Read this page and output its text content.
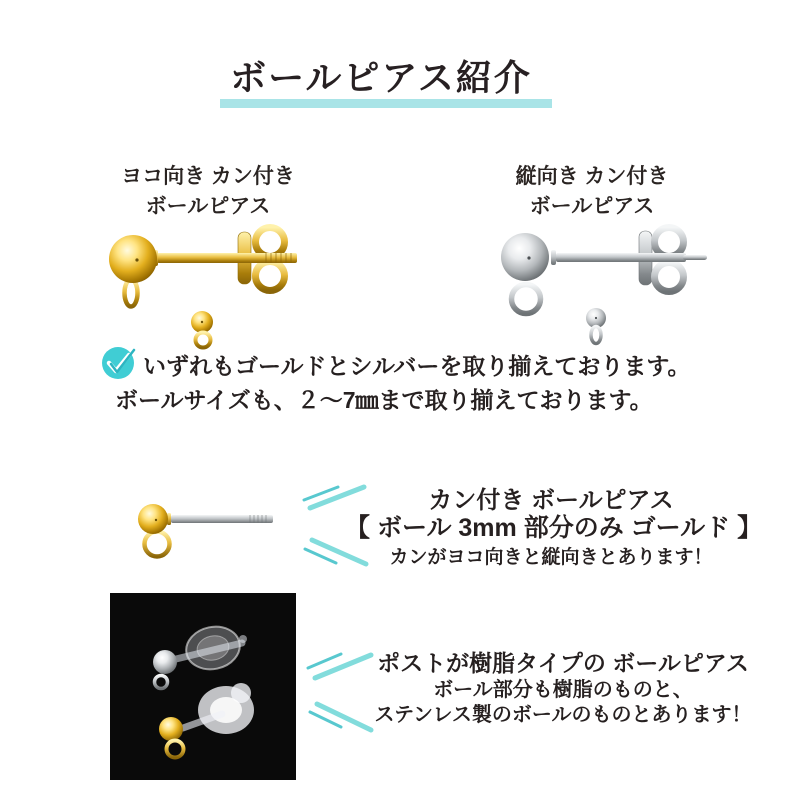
ボールピアス紹介
ヨコ向き カン付き
ボールピアス
縦向き カン付き
ボールピアス
いずれもゴールドとシルバーを取り揃えております。
ボールサイズも、２～7㎜まで取り揃えております。
カン付き ボールピアス
【 ボール 3mm 部分のみ ゴールド 】
カンがヨコ向きと縦向きとあります！
ポストが樹脂タイプの ボールピアス
ボール部分も樹脂のものと、
ステンレス製のボールのものとあります！
